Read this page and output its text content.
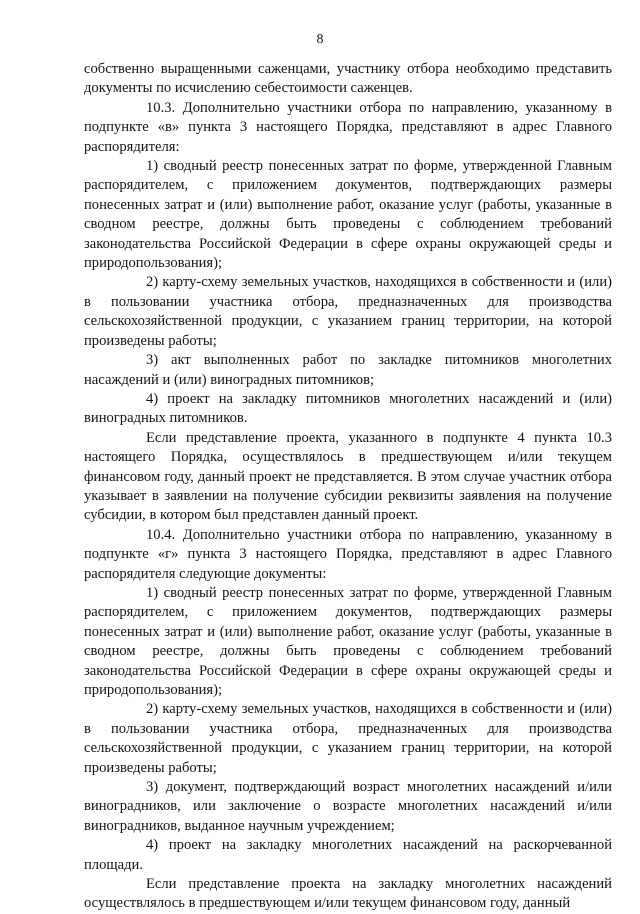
8

собственно выращенными саженцами, участнику отбора необходимо представить документы по исчислению себестоимости саженцев.

10.3. Дополнительно участники отбора по направлению, указанному в подпункте «в» пункта 3 настоящего Порядка, представляют в адрес Главного распорядителя:

1) сводный реестр понесенных затрат по форме, утвержденной Главным распорядителем, с приложением документов, подтверждающих размеры понесенных затрат и (или) выполнение работ, оказание услуг (работы, указанные в сводном реестре, должны быть проведены с соблюдением требований законодательства Российской Федерации в сфере охраны окружающей среды и природопользования);

2) карту-схему земельных участков, находящихся в собственности и (или) в пользовании участника отбора, предназначенных для производства сельскохозяйственной продукции, с указанием границ территории, на которой произведены работы;

3) акт выполненных работ по закладке питомников многолетних насаждений и (или) виноградных питомников;

4) проект на закладку питомников многолетних насаждений и (или) виноградных питомников.

Если представление проекта, указанного в подпункте 4 пункта 10.3 настоящего Порядка, осуществлялось в предшествующем и/или текущем финансовом году, данный проект не представляется. В этом случае участник отбора указывает в заявлении на получение субсидии реквизиты заявления на получение субсидии, в котором был представлен данный проект.

10.4. Дополнительно участники отбора по направлению, указанному в подпункте «г» пункта 3 настоящего Порядка, представляют в адрес Главного распорядителя следующие документы:

1) сводный реестр понесенных затрат по форме, утвержденной Главным распорядителем, с приложением документов, подтверждающих размеры понесенных затрат и (или) выполнение работ, оказание услуг (работы, указанные в сводном реестре, должны быть проведены с соблюдением требований законодательства Российской Федерации в сфере охраны окружающей среды и природопользования);

2) карту-схему земельных участков, находящихся в собственности и (или) в пользовании участника отбора, предназначенных для производства сельскохозяйственной продукции, с указанием границ территории, на которой произведены работы;

3) документ, подтверждающий возраст многолетних насаждений и/или виноградников, или заключение о возрасте многолетних насаждений и/или виноградников, выданное научным учреждением;

4) проект на закладку многолетних насаждений на раскорчеванной площади.

Если представление проекта на закладку многолетних насаждений осуществлялось в предшествующем и/или текущем финансовом году, данный
